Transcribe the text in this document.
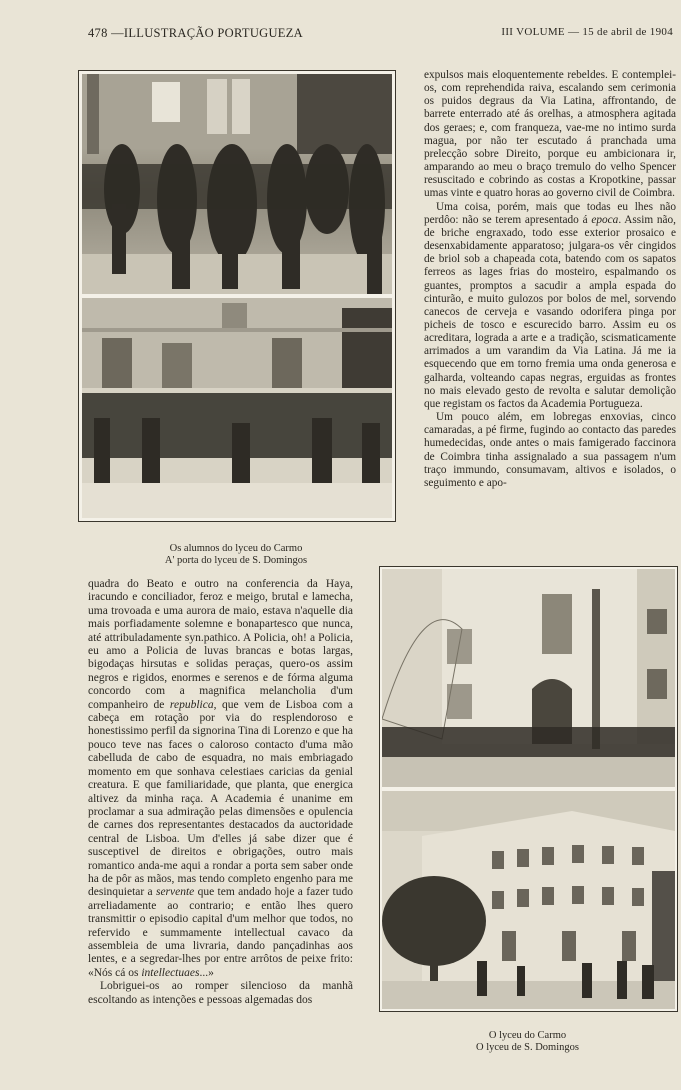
478 —ILLUSTRAÇÃO PORTUGUEZA	III VOLUME — 15 de abril de 1904
Os alumnos do lyceu do Carmo
A' porta do lyceu de S. Domingos

expulsos mais eloquentemente rebeldes. E contemplei-os, com reprehendida raiva, escalando sem cerimonia os puidos degraus da Via Latina, affrontando, de barrete enterrado até ás orelhas, a atmosphera agitada dos geraes; e, com franqueza, vae-me no intimo surda magua, por não ter escutado á pranchada uma prelecção sobre Direito, porque eu ambicionara ir, amparando ao meu o braço tremulo do velho Spencer resuscitado e cobrindo as costas a Kropotkine, passar umas vinte e quatro horas ao governo civil de Coimbra.

Uma coisa, porém, mais que todas eu lhes não perdôo: não se terem apresentado á epoca. Assim não, de briche engraxado, todo esse exterior prosaico e desenxabidamente apparatoso; julgara-os vêr cingidos de briol sob a chapeada cota, batendo com os sapatos ferreos as lages frias do mosteiro, espalmando os guantes, promptos a sacudir a ampla espada do cinturão, e muito gulozos por bolos de mel, sorvendo canecos de cerveja e vasando odorifera pinga por picheis de tosco e escurecido barro. Assim eu os acreditara, lograda a arte e a tradição, scismaticamente arrimados a um varandim da Via Latina. Já me ia esquecendo que em torno fremia uma onda generosa e galharda, volteando capas negras, erguidas as frontes no mais elevado gesto de revolta e salutar demolição que registam os factos da Academia Portugueza.

Um pouco além, em lobregas enxovias, cinco camaradas, a pé firme, fugindo ao contacto das paredes humedecidas, onde antes o mais famigerado faccinora de Coimbra tinha assignalado a sua passagem n'um traço immundo, consumavam, altivos e isolados, o seguimento e apo-

quadra do Beato e outro na conferencia da Haya, iracundo e conciliador, feroz e meigo, brutal e lamecha, uma trovoada e uma aurora de maio, estava n'aquelle dia mais porfiadamente solemne e bonapartesco que nunca, até attribuladamente syn.pathico. A Policia, oh! a Policia, eu amo a Policia de luvas brancas e botas largas, bigodaças hirsutas e solidas peraças, quero-os assim negros e rigidos, enormes e serenos e de fórma alguma concordo com a magnifica melancholia d'um companheiro de republica, que vem de Lisboa com a cabeça em rotação por via do resplendoroso e honestissimo perfil da signorina Tina di Lorenzo e que ha pouco teve nas faces o caloroso contacto d'uma mão cabelluda de cabo de esquadra, no mais embriagado momento em que sonhava celestiaes caricias da genial creatura. E que familiaridade, que planta, que energica altivez da minha raça. A Academia é unanime em proclamar a sua admiração pelas dimensões e opulencia de carnes dos representantes destacados da auctoridade central de Lisboa. Um d'elles já sabe dizer que é susceptivel de direitos e obrigações, outro mais romantico anda-me aqui a rondar a porta sem saber onde ha de pôr as mãos, mas tendo completo engenho para me desinquietar a servente que tem andado hoje a fazer tudo arreliadamente ao contrario; e então lhes quero transmittir o episodio capital d'um melhor que todos, no refervido e summamente intellectual cavaco da assembleia de uma livraria, dando pançadinhas aos lentes, e a segredar-lhes por entre arrôtos de peixe frito: «Nós cá os intellectuaes...»

Lobriguei-os ao romper silencioso da manhã escoltando as intenções e pessoas algemadas dos

O lyceu do Carmo
O lyceu de S. Domingos
